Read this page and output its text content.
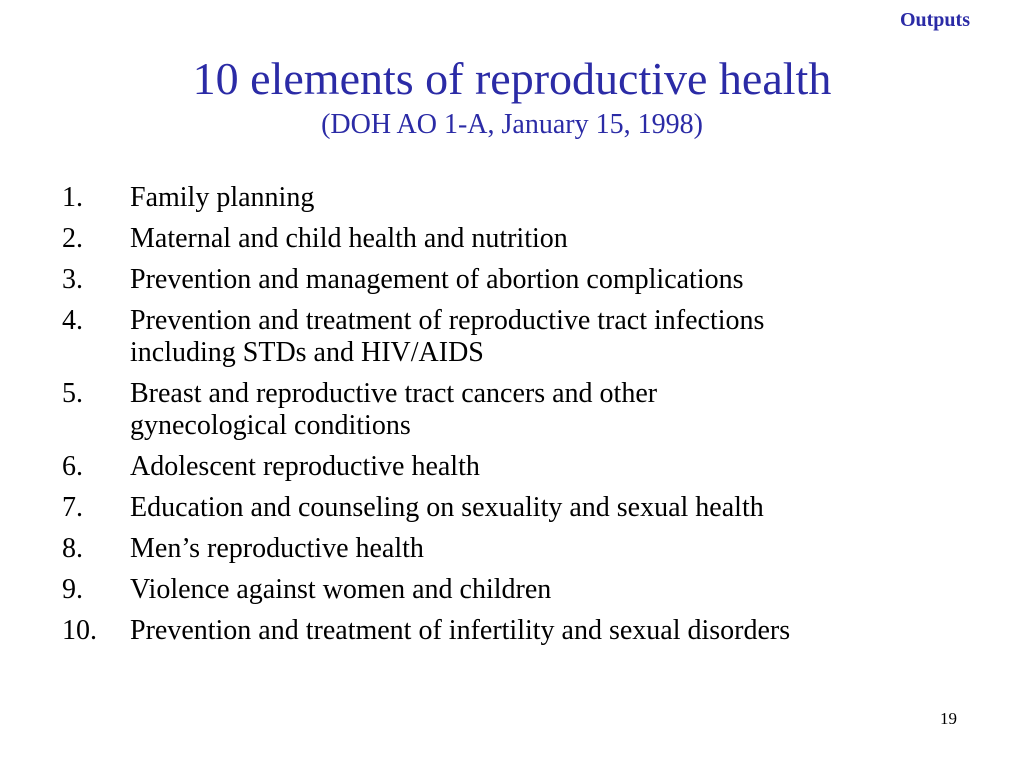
Outputs
10 elements of reproductive health
(DOH AO 1-A, January 15, 1998)
1.	Family planning
2.	Maternal and child health and nutrition
3.	Prevention and management of abortion complications
4.	Prevention and treatment of reproductive tract infections
including STDs and HIV/AIDS
5.	Breast and reproductive tract cancers and other
gynecological conditions
6.	Adolescent reproductive health
7.	Education and counseling on sexuality and sexual health
8.	Men’s reproductive health
9.	Violence against women and children
10.	Prevention and treatment of infertility and sexual disorders
19
